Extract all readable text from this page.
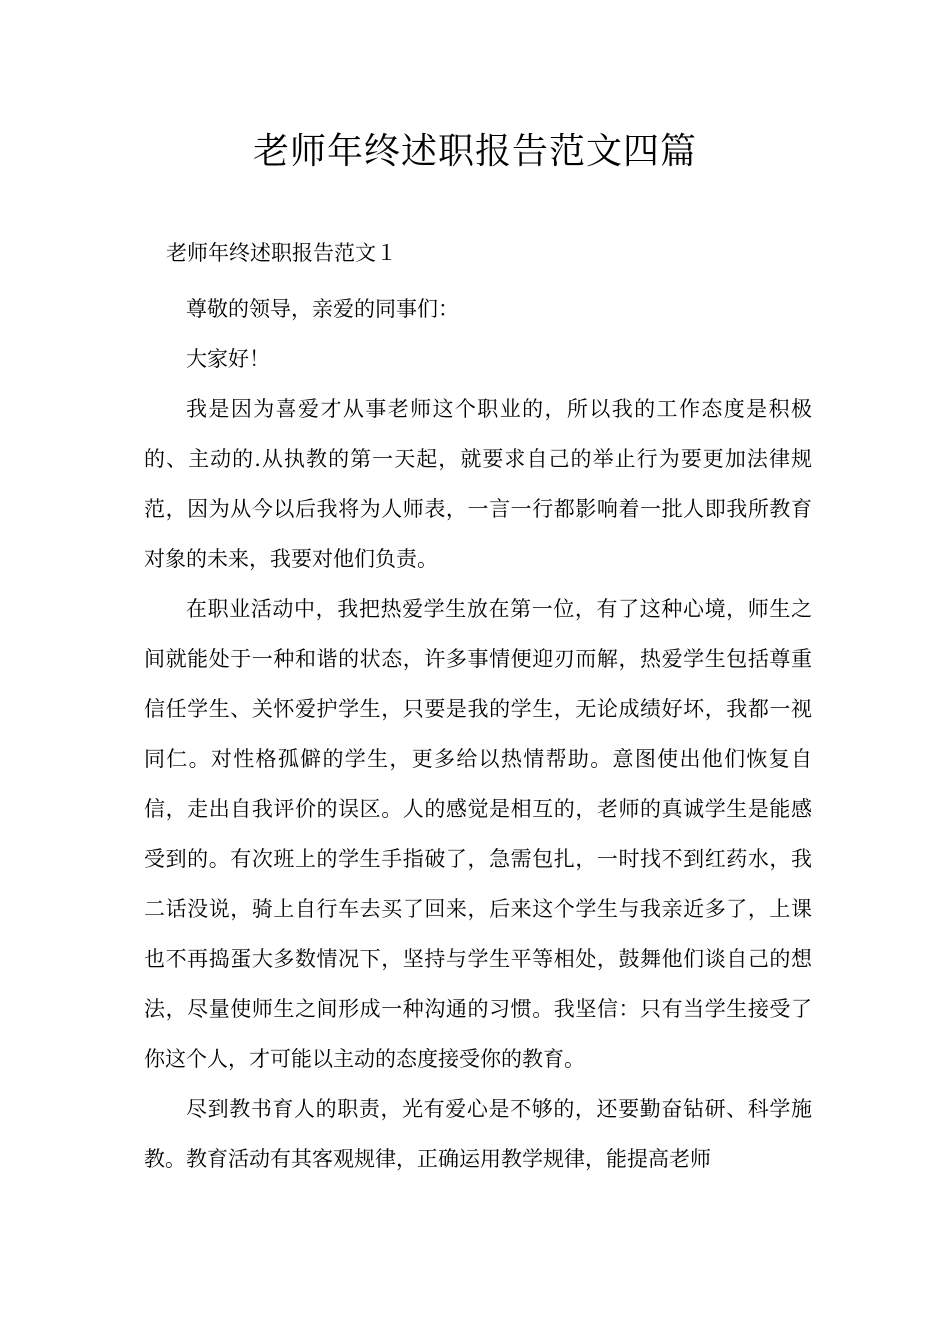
老师年终述职报告范文四篇

老师年终述职报告范文１

尊敬的领导，亲爱的同事们：

大家好！

我是因为喜爱才从事老师这个职业的，所以我的工作态度是积极的、主动的.从执教的第一天起，就要求自己的举止行为要更加法律规范，因为从今以后我将为人师表，一言一行都影响着一批人即我所教育对象的未来，我要对他们负责。

在职业活动中，我把热爱学生放在第一位，有了这种心境，师生之间就能处于一种和谐的状态，许多事情便迎刃而解，热爱学生包括尊重信任学生、关怀爱护学生，只要是我的学生，无论成绩好坏，我都一视同仁。对性格孤僻的学生，更多给以热情帮助。意图使出他们恢复自信，走出自我评价的误区。人的感觉是相互的，老师的真诚学生是能感受到的。有次班上的学生手指破了，急需包扎，一时找不到红药水，我二话没说，骑上自行车去买了回来，后来这个学生与我亲近多了，上课也不再捣蛋大多数情况下，坚持与学生平等相处，鼓舞他们谈自己的想法，尽量使师生之间形成一种沟通的习惯。我坚信：只有当学生接受了你这个人，才可能以主动的态度接受你的教育。

尽到教书育人的职责，光有爱心是不够的，还要勤奋钻研、科学施教。教育活动有其客观规律，正确运用教学规律，能提高老师
